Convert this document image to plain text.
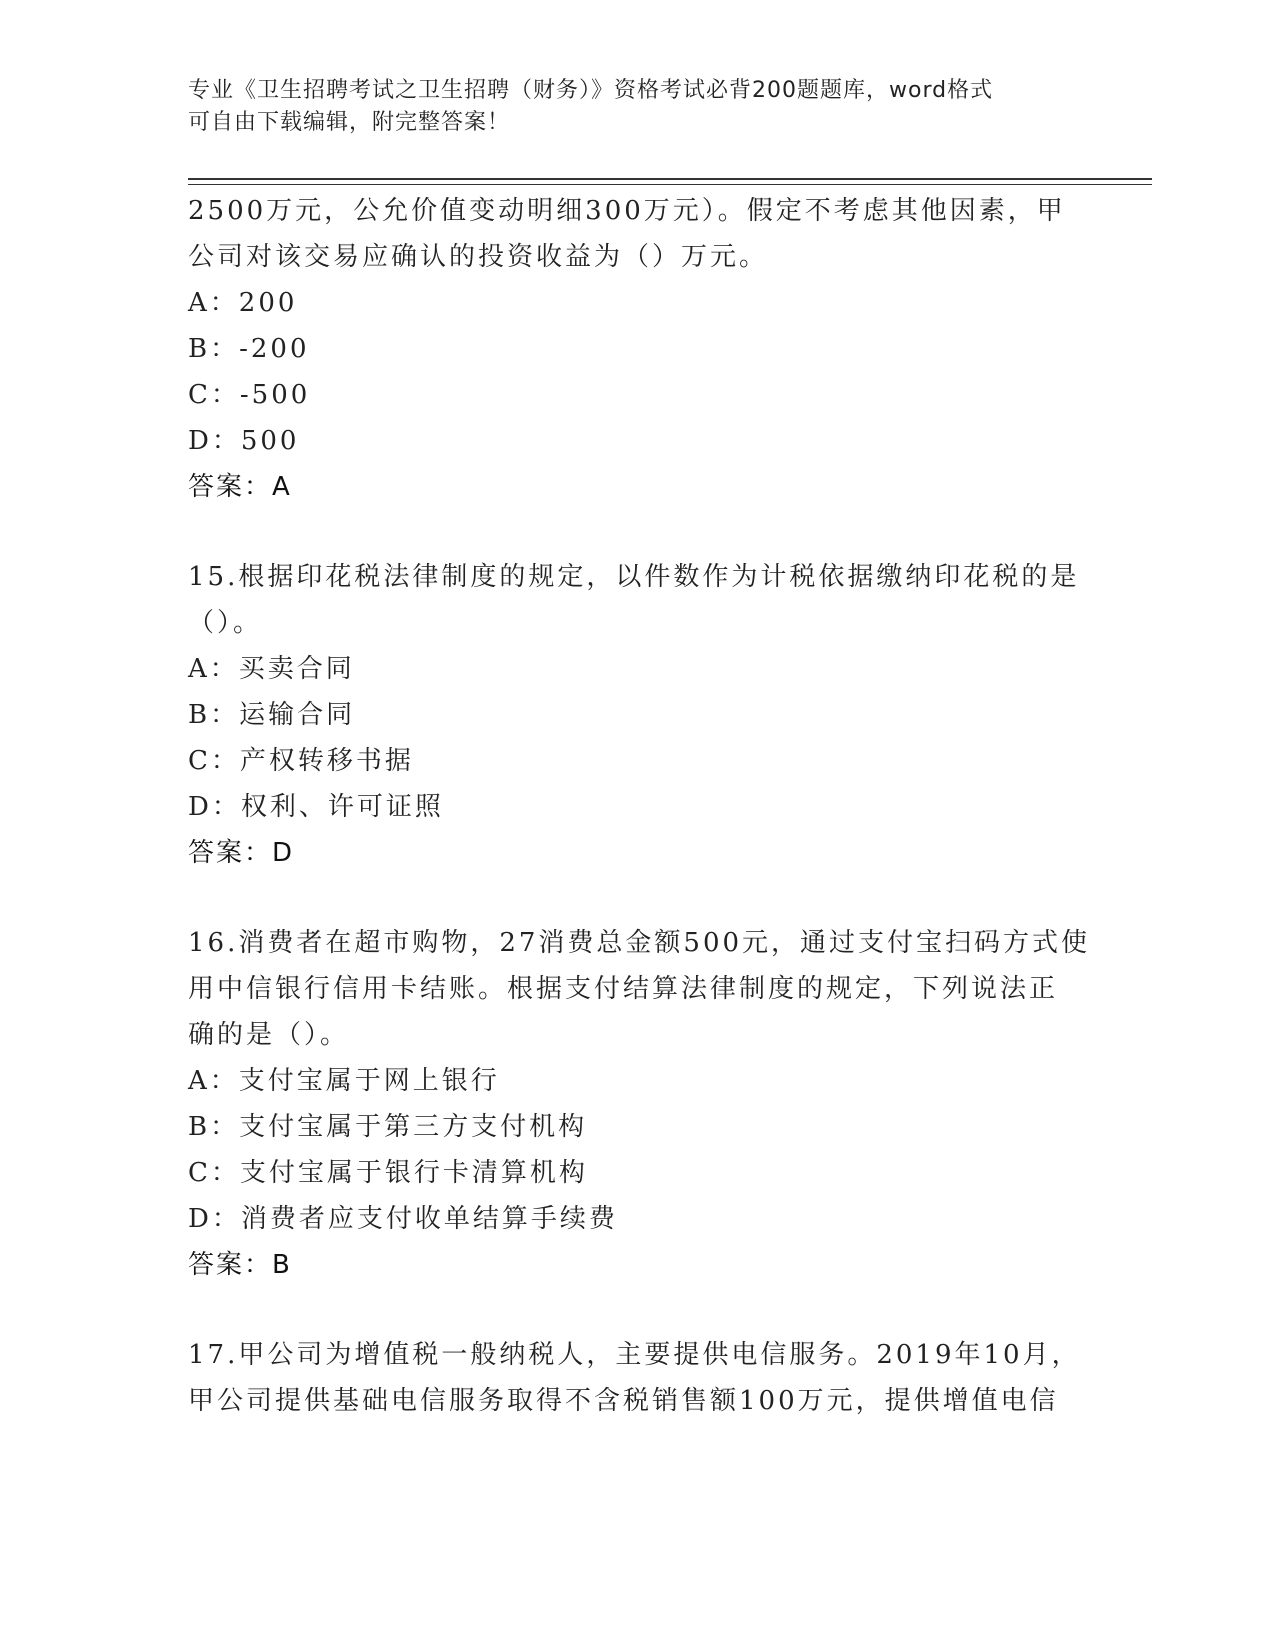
专业《卫生招聘考试之卫生招聘（财务）》资格考试必背200题题库，word格式
可自由下载编辑，附完整答案！
2500万元，公允价值变动明细300万元）。假定不考虑其他因素，甲
公司对该交易应确认的投资收益为（）万元。
A：200
B：-200
C：-500
D：500
答案：A
15.根据印花税法律制度的规定，以件数作为计税依据缴纳印花税的是
（）。
A：买卖合同
B：运输合同
C：产权转移书据
D：权利、许可证照
答案：D
16.消费者在超市购物，27消费总金额500元，通过支付宝扫码方式使
用中信银行信用卡结账。根据支付结算法律制度的规定，下列说法正
确的是（）。
A：支付宝属于网上银行
B：支付宝属于第三方支付机构
C：支付宝属于银行卡清算机构
D：消费者应支付收单结算手续费
答案：B
17.甲公司为增值税一般纳税人，主要提供电信服务。2019年10月，
甲公司提供基础电信服务取得不含税销售额100万元，提供增值电信
